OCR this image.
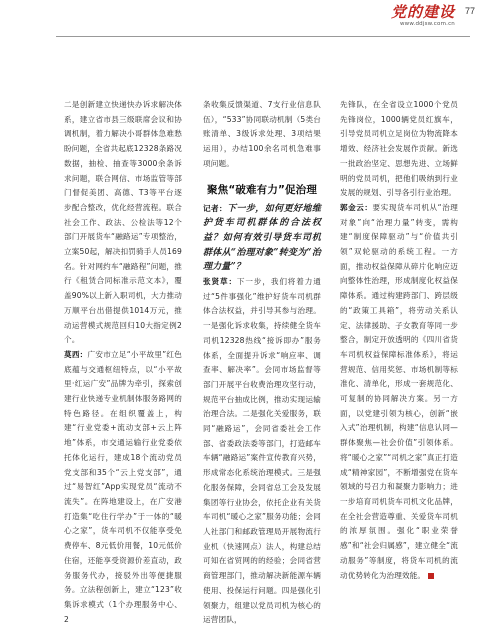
党的建设
www.ddjsw.com.cn
77

二是创新建立快递快办诉求解决体系，建立省市县三级联席会议和协调机制，着力解决小哥群体急难愁盼问题，全省共起底12328条路况数据，抽检、抽查等3000余条诉求问题，联合网信、市场监管等部门督促美团、高德、T3等平台逐步配合整改，优化经营流程。联合社会工作、政法、公检法等12个部门开展货车“融路运”专项整治，立案50起，解决扣罚骑手人员169名。针对网约车“融路程”问题，推行《租赁合同标准示范文本》，覆盖90%以上新入职司机，大力推动万顺平台出借提供1014万元，推动运营模式规范回归10大指定例2个。

莫西：广安市立足“小平故里”红色底蕴与交通枢纽特点，以“小平故里·红运广安”品牌为牵引，探索创建行业快递专业机制体服务路网的特色路径。在组织覆盖上，构建“行业党委+流动支部+云上阵地”体系，市交通运输行业党委依托体化运行，建成18个流动党员党支部和35个“云上党支部”，通过“易智红”App实现党员“流动不流失”。在阵地建设上，在广安港打造集“吃住行学办”于一体的“暖心之家”，货车司机不仅能享受免费停车、8元低价用餐，10元低价住宿，还能享受资源价差直动，政务服务代办，接驳外出等便捷服务。立法程创新上，建立“123”收集诉求模式（1个办理服务中心、2

条收集反馈渠道、7支行业信息队伍），“533”协同联动机制（5类台账清单、3级诉求处理、3项结果运用），办结100余名司机急难事项问题。

聚焦“破难有力”促治理

记者：下一步，如何更好地维护货车司机群体的合法权益？如何有效引导货车司机群体从“治理对象”转变为“治理力量”？

张贤草：下一步，我们将着力通过“5件事强化”维护好货车司机群体合法权益，并引导其参与治理。一是强化诉求收集，持续健全货车司机12328热线“接诉即办”服务体系，全面提升诉求“响应率、调查率、解决率”。会同市场监督等部门开展平台收费治理攻坚行动，规范平台抽成比例，推动实现运输治理合法。二是强化关爱服务，联同“融路运”，会同省委社会工作部、省委政法委等部门，打造邮车车辆“融路运”案件宣传教育兴势，形成常态化系统治理模式。三是强化服务保障，会同省总工会及发展集团等行业协会，依托企业有关货车司机“暖心之家”服务功能；会同人社部门和邮政管理局开展物流行业机（快速网点）法人，构建总结可知在省贸网的的经验；会同省营商管理部门，推动解决新能源车辆使用、投保运行问题。四是强化引领聚力，组建以党员司机为核心的运营团队，

先锋队，在全省设立1000个党员先锋岗位，1000辆党员红旗车，引导党员司机立足岗位为物流降本增效、经济社会发展作贡献。新选一批政治坚定、思想先进、立场鲜明的党员司机，把他们吸纳到行业发展的规划、引导各引行业治理。

郭金云：要实现货车司机从“治理对象”向“治理力量”转变，需构建“制度保障驱动”与“价值共引领”双轮驱动的系统工程。一方面，推动权益保障从碎片化响应迈向整体性治理，形成制度化权益保障体系。通过构建跨部门、跨层级的“政策工具箱”，将劳动关系认定、法律援助、子女教育等同一步整合，制定开放透明的《四川省货车司机权益保障标准体系》，将运营规范、信用奖惩、市场机制等标准化、清单化，形成一套规范化、可复制的协同解决方案。另一方面，以党建引领为核心，创新“嵌入式”治理机制，构建“信息认同—群体聚焦—社会价值”引领体系。将“暖心之家”“司机之家”真正打造成“精神家园”，不断增强党在货车领域的号召力和凝聚力影响力；进一步培育司机货车司机文化品牌，在全社会营造尊重、关爱货车司机的浓厚氛围。强化“职业荣誉感”和“社会归属感”，建立健全“流动服务”等制度，将货车司机的流动优势转化为治理效能。
